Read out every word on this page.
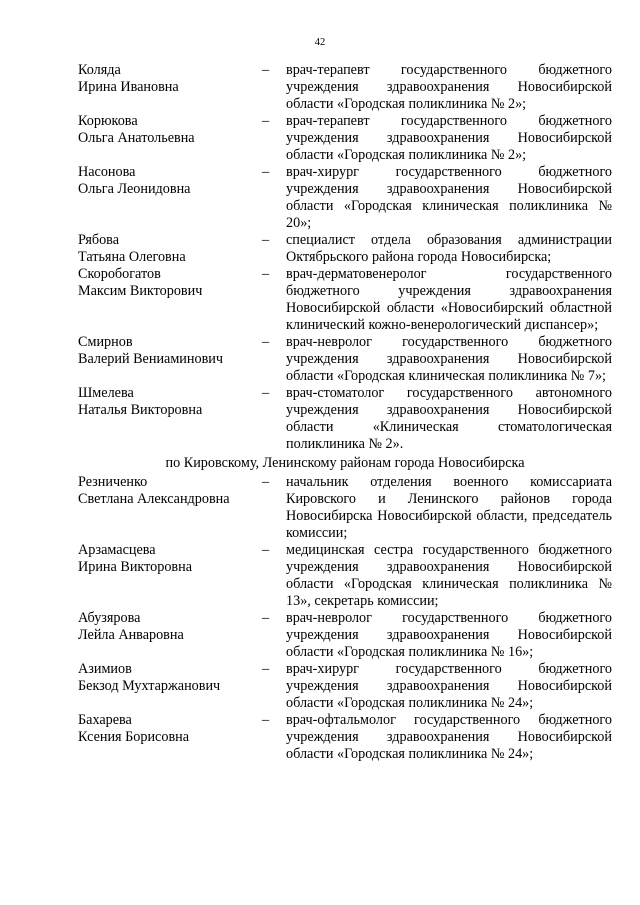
42
Коляда
Ирина Ивановна
–	врач-терапевт государственного бюджетного учреждения здравоохранения Новосибирской области «Городская поликлиника № 2»;
Корюкова
Ольга Анатольевна
–	врач-терапевт государственного бюджетного учреждения здравоохранения Новосибирской области «Городская поликлиника № 2»;
Насонова
Ольга Леонидовна
–	врач-хирург государственного бюджетного учреждения здравоохранения Новосибирской области «Городская клиническая поликлиника № 20»;
Рябова
Татьяна Олеговна
–	специалист отдела образования администрации Октябрьского района города Новосибирска;
Скоробогатов
Максим Викторович
–	врач-дерматовенеролог государственного бюджетного учреждения здравоохранения Новосибирской области «Новосибирский областной клинический кожно-венерологический диспансер»;
Смирнов
Валерий Вениаминович
–	врач-невролог государственного бюджетного учреждения здравоохранения Новосибирской области «Городская клиническая поликлиника № 7»;
Шмелева
Наталья Викторовна
–	врач-стоматолог государственного автономного учреждения здравоохранения Новосибирской области «Клиническая стоматологическая поликлиника № 2».
по Кировскому, Ленинскому районам города Новосибирска
Резниченко
Светлана Александровна
–	начальник отделения военного комиссариата Кировского и Ленинского районов города Новосибирска Новосибирской области, председатель комиссии;
Арзамасцева
Ирина Викторовна
–	медицинская сестра государственного бюджетного учреждения здравоохранения Новосибирской области «Городская клиническая поликлиника № 13», секретарь комиссии;
Абузярова
Лейла Анваровна
–	врач-невролог государственного бюджетного учреждения здравоохранения Новосибирской области «Городская поликлиника № 16»;
Азимиов
Бекзод Мухтаржанович
–	врач-хирург государственного бюджетного учреждения здравоохранения Новосибирской области «Городская поликлиника № 24»;
Бахарева
Ксения Борисовна
–	врач-офтальмолог государственного бюджетного учреждения здравоохранения Новосибирской области «Городская поликлиника № 24»;
